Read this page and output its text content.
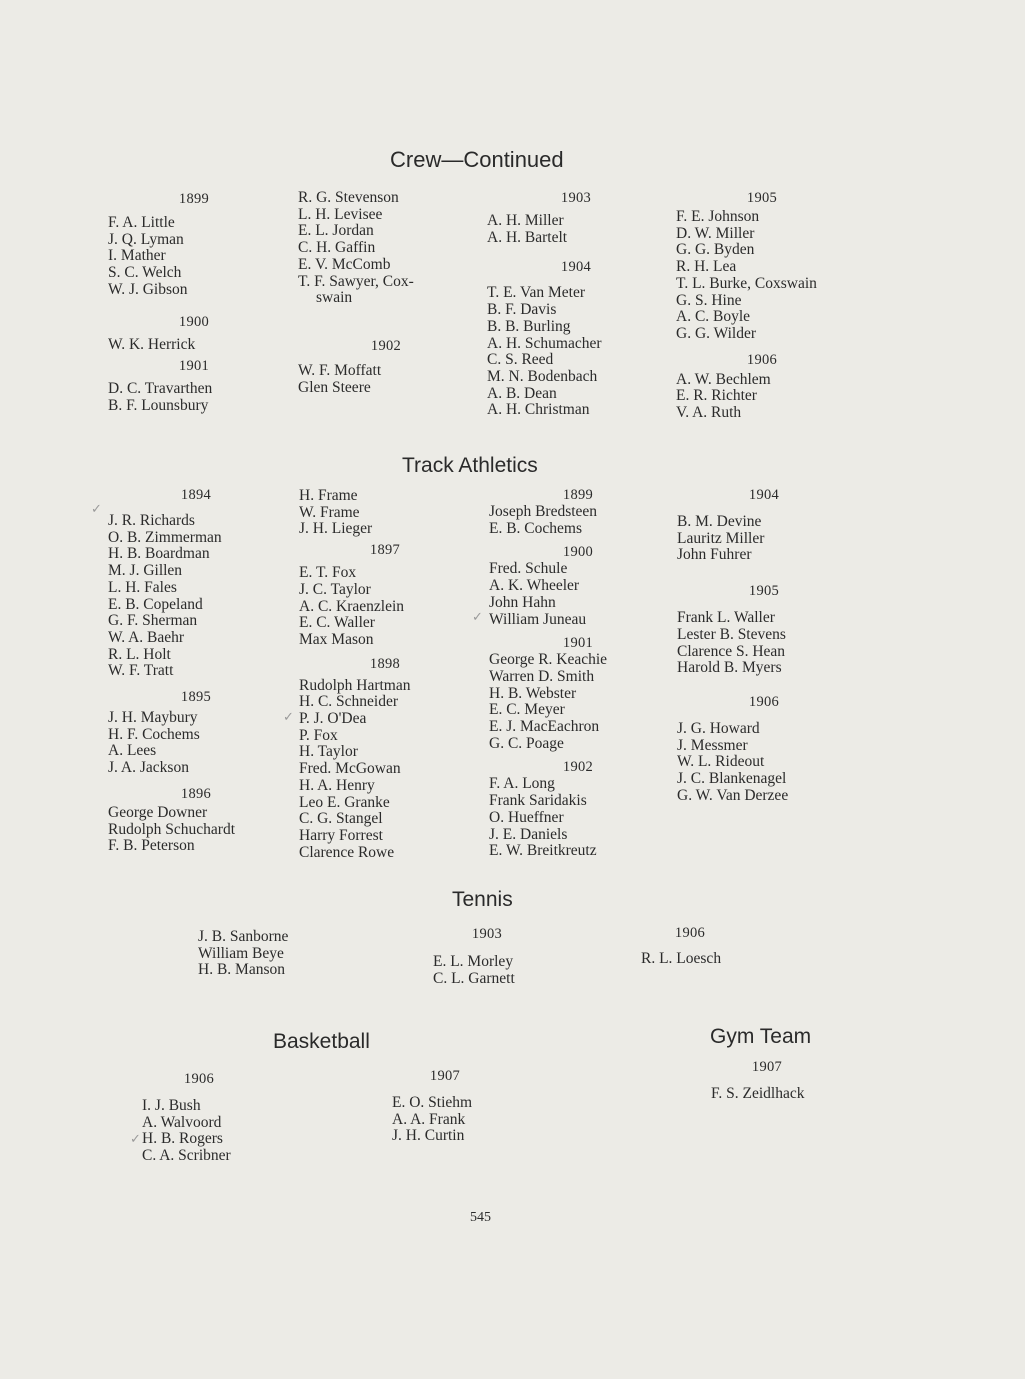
Crew—Continued
1899
F. A. Little
J. Q. Lyman
I. Mather
S. C. Welch
W. J. Gibson
1900
W. K. Herrick
1901
D. C. Travarthen
B. F. Lounsbury
R. G. Stevenson
L. H. Levisee
E. L. Jordan
C. H. Gaffin
E. V. McComb
T. F. Sawyer, Cox-
swain
1902
W. F. Moffatt
Glen Steere
1903
A. H. Miller
A. H. Bartelt
1904
T. E. Van Meter
B. F. Davis
B. B. Burling
A. H. Schumacher
C. S. Reed
M. N. Bodenbach
A. B. Dean
A. H. Christman
1905
F. E. Johnson
D. W. Miller
G. G. Byden
R. H. Lea
T. L. Burke, Coxswain
G. S. Hine
A. C. Boyle
G. G. Wilder
1906
A. W. Bechlem
E. R. Richter
V. A. Ruth
Track Athletics
✓
1894
J. R. Richards
O. B. Zimmerman
H. B. Boardman
M. J. Gillen
L. H. Fales
E. B. Copeland
G. F. Sherman
W. A. Baehr
R. L. Holt
W. F. Tratt
1895
J. H. Maybury
H. F. Cochems
A. Lees
J. A. Jackson
1896
George Downer
Rudolph Schuchardt
F. B. Peterson
✓
H. Frame
W. Frame
J. H. Lieger
1897
E. T. Fox
J. C. Taylor
A. C. Kraenzlein
E. C. Waller
Max Mason
1898
Rudolph Hartman
H. C. Schneider
P. J. O'Dea
P. Fox
H. Taylor
Fred. McGowan
H. A. Henry
Leo E. Granke
C. G. Stangel
Harry Forrest
Clarence Rowe
✓
1899
Joseph Bredsteen
E. B. Cochems
1900
Fred. Schule
A. K. Wheeler
John Hahn
William Juneau
1901
George R. Keachie
Warren D. Smith
H. B. Webster
E. C. Meyer
E. J. MacEachron
G. C. Poage
1902
F. A. Long
Frank Saridakis
O. Hueffner
J. E. Daniels
E. W. Breitkreutz
1904
B. M. Devine
Lauritz Miller
John Fuhrer
1905
Frank L. Waller
Lester B. Stevens
Clarence S. Hean
Harold B. Myers
1906
J. G. Howard
J. Messmer
W. L. Rideout
J. C. Blankenagel
G. W. Van Derzee
Tennis
J. B. Sanborne
William Beye
H. B. Manson
1903
E. L. Morley
C. L. Garnett
1906
R. L. Loesch
Basketball
✓
1906
I. J. Bush
A. Walvoord
H. B. Rogers
C. A. Scribner
1907
E. O. Stiehm
A. A. Frank
J. H. Curtin
Gym Team
1907
F. S. Zeidlhack
545
